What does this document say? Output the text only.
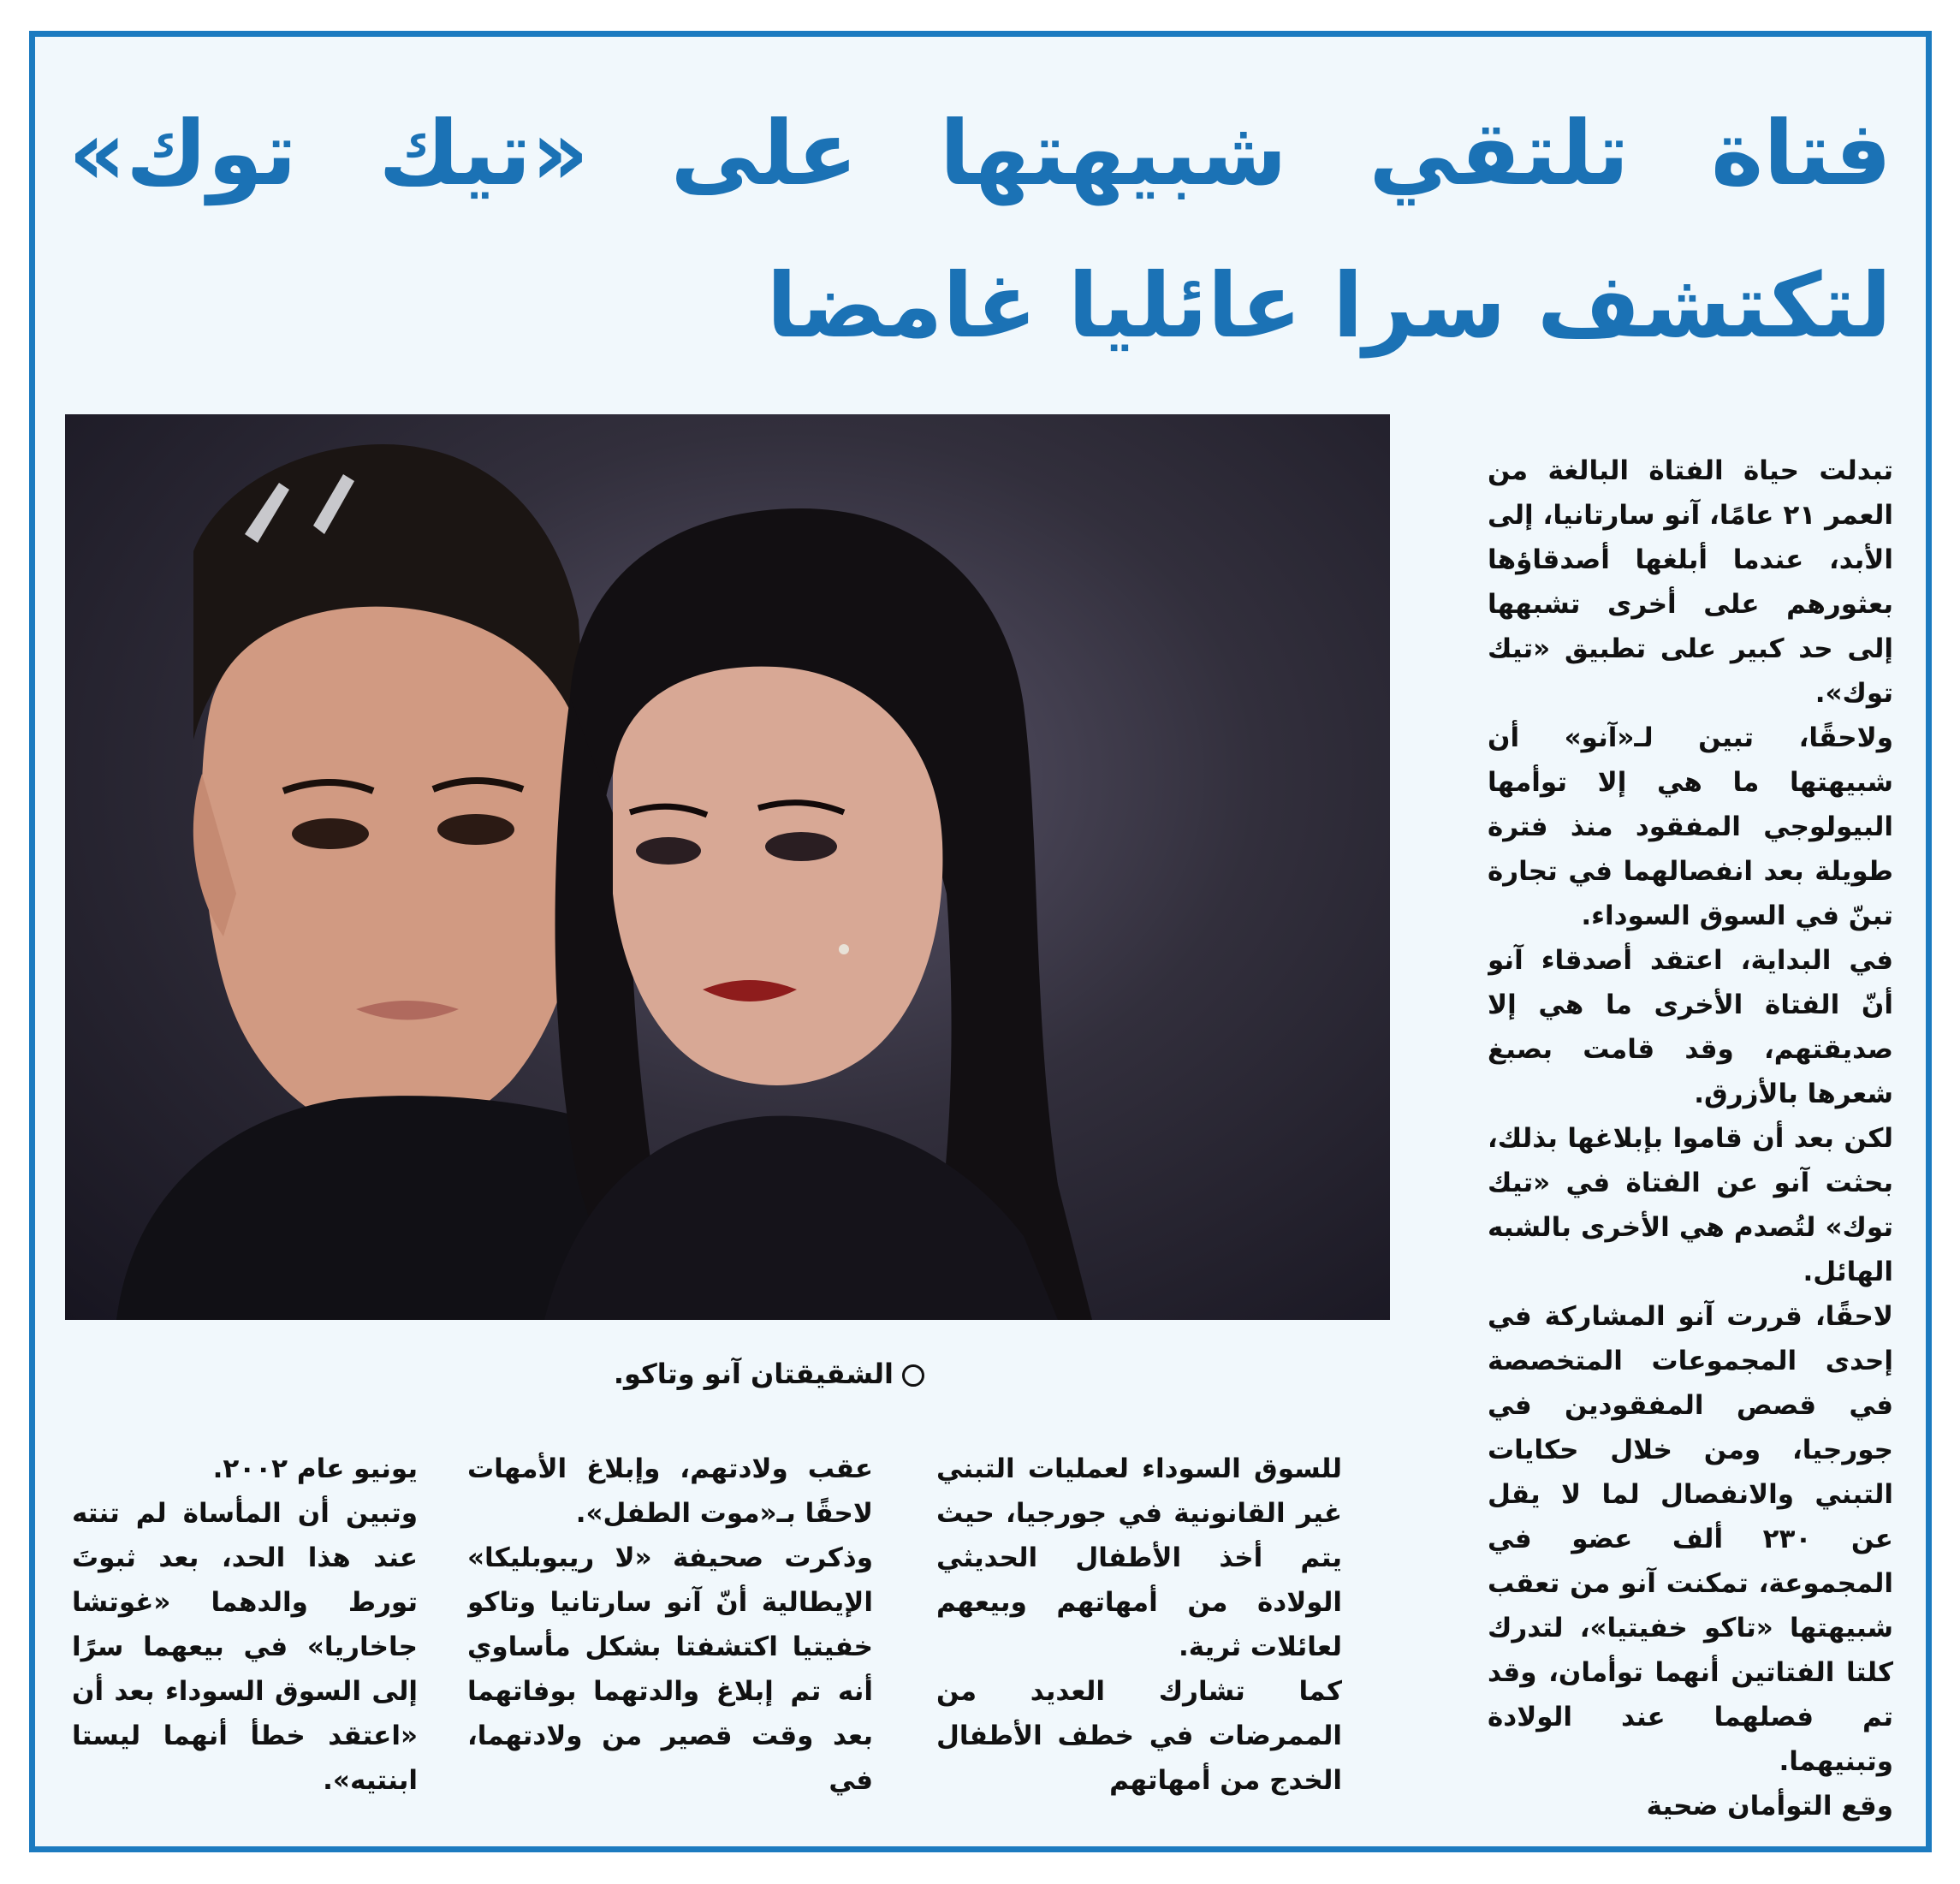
فتاة تلتقي شبيهتها على «تيك توك» لتكتشف سرا عائليا غامضا
الشقيقتان آنو وتاكو.

تبدلت حياة الفتاة البالغة من العمر ٢١ عامًا، آنو سارتانيا، إلى الأبد، عندما أبلغها أصدقاؤها بعثورهم على أخرى تشبهها إلى حد كبير على تطبيق «تيك توك».

ولاحقًا، تبين لـ«آنو» أن شبيهتها ما هي إلا توأمها البيولوجي المفقود منذ فترة طويلة بعد انفصالهما في تجارة تبنّ في السوق السوداء.

في البداية، اعتقد أصدقاء آنو أنّ الفتاة الأخرى ما هي إلا صديقتهم، وقد قامت بصبغ شعرها بالأزرق.

لكن بعد أن قاموا بإبلاغها بذلك، بحثت آنو عن الفتاة في «تيك توك» لتُصدم هي الأخرى بالشبه الهائل.

لاحقًا، قررت آنو المشاركة في إحدى المجموعات المتخصصة في قصص المفقودين في جورجيا، ومن خلال حكايات التبني والانفصال لما لا يقل عن ٢٣٠ ألف عضو في المجموعة، تمكنت آنو من تعقب شبيهتها «تاكو خفيتيا»، لتدرك كلتا الفتاتين أنهما توأمان، وقد تم فصلهما عند الولادة وتبنيهما.

وقع التوأمان ضحية

للسوق السوداء لعمليات التبني غير القانونية في جورجيا، حيث يتم أخذ الأطفال الحديثي الولادة من أمهاتهم وبيعهم لعائلات ثرية.

كما تشارك العديد من الممرضات في خطف الأطفال الخدج من أمهاتهم

عقب ولادتهم، وإبلاغ الأمهات لاحقًا بـ«موت الطفل».

وذكرت صحيفة «لا ريبوبليكا» الإيطالية أنّ آنو سارتانيا وتاكو خفيتيا اكتشفتا بشكل مأساوي أنه تم إبلاغ والدتهما بوفاتهما بعد وقت قصير من ولادتهما، في

يونيو عام ٢٠٠٢.

وتبين أن المأساة لم تنته عند هذا الحد، بعد ثبوتَ تورط والدهما «غوتشا جاخاريا» في بيعهما سرًا إلى السوق السوداء بعد أن «اعتقد خطأ أنهما ليستا ابنتيه».
